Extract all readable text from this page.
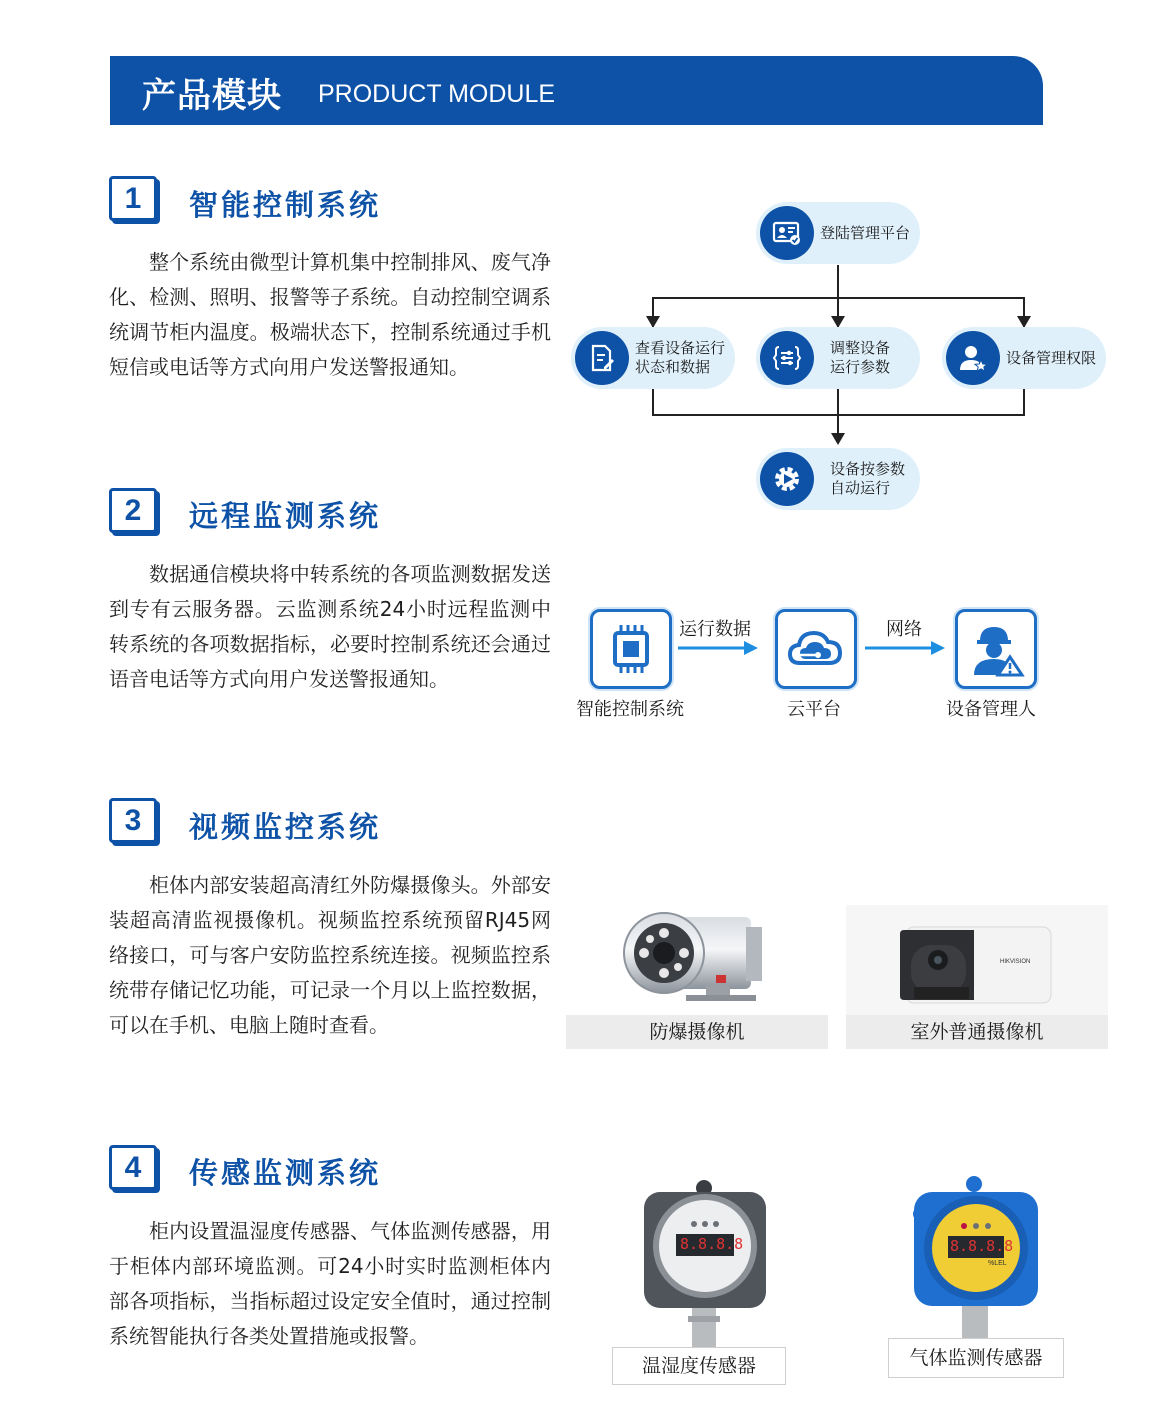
产品模块 PRODUCT MODULE
1	智能控制系统

整个系统由微型计算机集中控制排风、废气净化、检测、照明、报警等子系统。自动控制空调系统调节柜内温度。极端状态下，控制系统通过手机短信或电话等方式向用户发送警报通知。

登陆管理平台
查看设备运行
状态和数据
调整设备
运行参数
设备管理权限
设备按参数
自动运行
2	远程监测系统

数据通信模块将中转系统的各项监测数据发送到专有云服务器。云监测系统24小时远程监测中转系统的各项数据指标，必要时控制系统还会通过语音电话等方式向用户发送警报通知。

运行数据	网络
智能控制系统	云平台	设备管理人
3	视频监控系统

柜体内部安装超高清红外防爆摄像头。外部安装超高清监视摄像机。视频监控系统预留RJ45网络接口，可与客户安防监控系统连接。视频监控系统带存储记忆功能，可记录一个月以上监控数据，可以在手机、电脑上随时查看。	防爆摄像机
HIKVISION
室外普通摄像机
4	传感监测系统

柜内设置温湿度传感器、气体监测传感器，用于柜体内部环境监测。可24小时实时监测柜体内部各项指标，当指标超过设定安全值时，通过控制系统智能执行各类处置措施或报警。

8.8.8.8
温湿度传感器
8.8.8.8
%LEL
气体监测传感器
